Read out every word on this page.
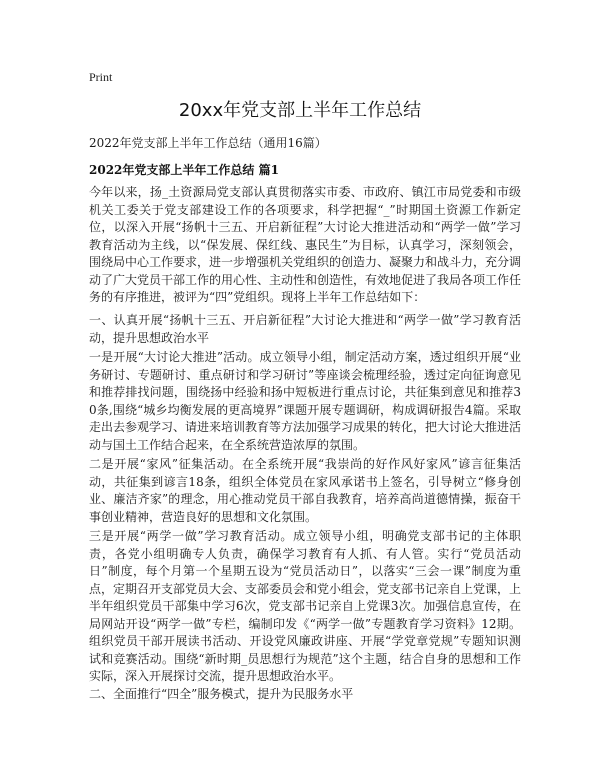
Print
20xx年党支部上半年工作总结
2022年党支部上半年工作总结（通用16篇）
2022年党支部上半年工作总结 篇1

今年以来，扬_土资源局党支部认真贯彻落实市委、市政府、镇江市局党委和市级机关工委关于党支部建设工作的各项要求，科学把握“_”时期国土资源工作新定位，以深入开展“扬帆十三五、开启新征程”大讨论大推进活动和“两学一做”学习教育活动为主线，以“保发展、保红线、惠民生”为目标，认真学习，深刻领会，围绕局中心工作要求，进一步增强机关党组织的创造力、凝聚力和战斗力，充分调动了广大党员干部工作的用心性、主动性和创造性，有效地促进了我局各项工作任务的有序推进，被评为“四”党组织。现将上半年工作总结如下：

一、认真开展“扬帆十三五、开启新征程”大讨论大推进和“两学一做”学习教育活动，提升思想政治水平

一是开展“大讨论大推进”活动。成立领导小组，制定活动方案，透过组织开展“业务研讨、专题研讨、重点研讨和学习研讨”等座谈会梳理经验，透过定向征询意见和推荐排找问题，围绕扬中经验和扬中短板进行重点讨论，共征集到意见和推荐30条,围绕“城乡均衡发展的更高境界”课题开展专题调研，构成调研报告4篇。采取走出去参观学习、请进来培训教育等方法加强学习成果的转化，把大讨论大推进活动与国土工作结合起来，在全系统营造浓厚的氛围。

二是开展“家风”征集活动。在全系统开展“我崇尚的好作风好家风”谚言征集活动，共征集到谚言18条，组织全体党员在家风承诺书上签名，引导树立“修身创业、廉洁齐家”的理念，用心推动党员干部自我教育，培养高尚道德情操，振奋干事创业精神，营造良好的思想和文化氛围。

三是开展“两学一做”学习教育活动。成立领导小组，明确党支部书记的主体职责，各党小组明确专人负责，确保学习教育有人抓、有人管。实行“党员活动日”制度，每个月第一个星期五设为“党员活动日”，以落实“三会一课”制度为重点，定期召开支部党员大会、支部委员会和党小组会，党支部书记亲自上党课，上半年组织党员干部集中学习6次，党支部书记亲自上党课3次。加强信息宣传，在局网站开设“两学一做”专栏，编制印发《“两学一做”专题教育学习资料》12期。组织党员干部开展读书活动、开设党风廉政讲座、开展“学党章党规”专题知识测试和竞赛活动。围绕“新时期_员思想行为规范”这个主题，结合自身的思想和工作实际，深入开展探讨交流，提升思想政治水平。

二、全面推行“四全”服务模式，提升为民服务水平
